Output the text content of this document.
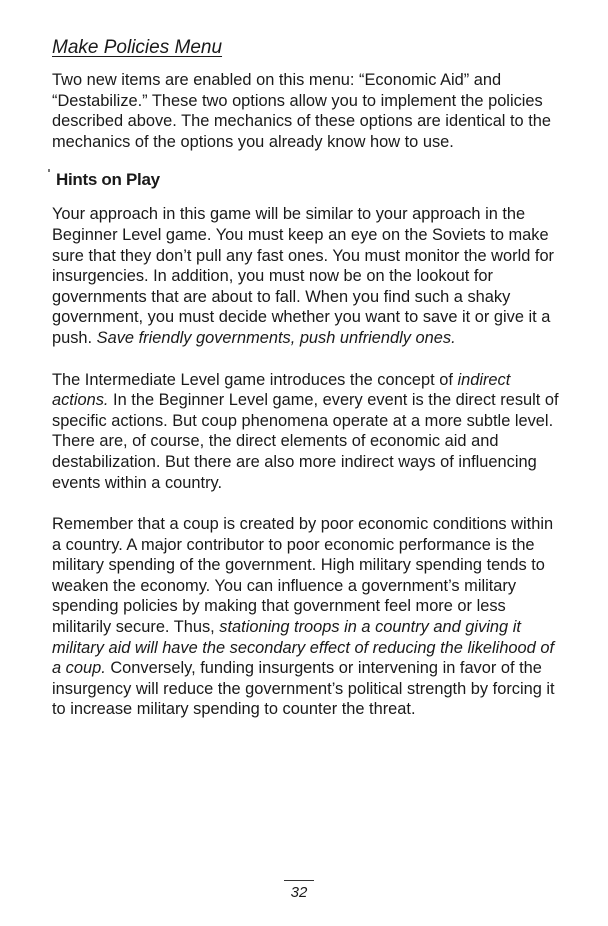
Make Policies Menu

Two new items are enabled on this menu: “Economic Aid” and “Destabilize.” These two options allow you to implement the policies described above. The mechanics of these options are identical to the mechanics of the options you already know how to use.

Hints on Play

Your approach in this game will be similar to your approach in the Beginner Level game. You must keep an eye on the Soviets to make sure that they don’t pull any fast ones. You must monitor the world for insurgencies. In addition, you must now be on the lookout for governments that are about to fall. When you find such a shaky government, you must decide whether you want to save it or give it a push. Save friendly governments, push unfriendly ones.

The Intermediate Level game introduces the concept of indirect actions. In the Beginner Level game, every event is the direct result of specific actions. But coup phenomena operate at a more subtle level. There are, of course, the direct elements of economic aid and destabilization. But there are also more indirect ways of influencing events within a country.

Remember that a coup is created by poor economic conditions within a country. A major contributor to poor economic performance is the military spending of the government. High military spending tends to weaken the economy. You can influence a government’s military spending policies by making that government feel more or less militarily secure. Thus, stationing troops in a country and giving it military aid will have the secondary effect of reducing the likelihood of a coup. Conversely, funding insurgents or intervening in favor of the insurgency will reduce the government’s political strength by forcing it to increase military spending to counter the threat.

32
